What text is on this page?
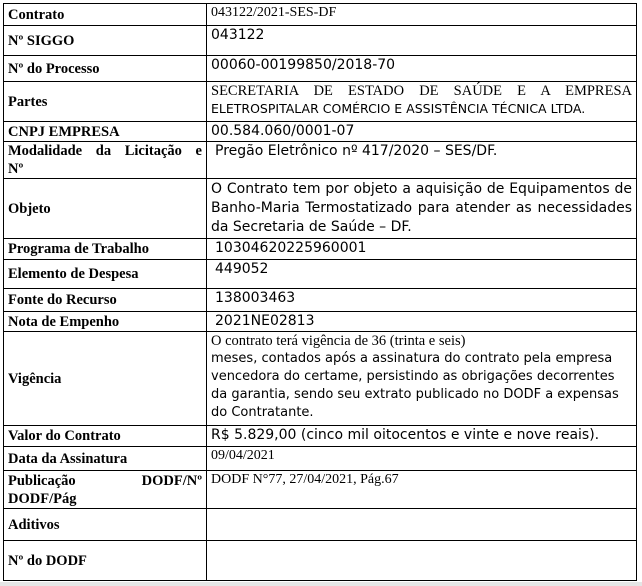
Contrato	043122/2021-SES-DF
Nº SIGGO	043122
Nº do Processo	00060-00199850/2018-70
Partes	SECRETARIA DE ESTADO DE SAÚDE E A EMPRESA
ELETROSPITALAR COMÉRCIO E ASSISTÊNCIA TÉCNICA LTDA.

CNPJ EMPRESA	00.584.060/0001-07

Modalidade da Licitação e
Nº	Pregão Eletrônico nº 417/2020 – SES/DF.
Objeto	O Contrato tem por objeto a aquisição de Equipamentos de Banho-Maria Termostatizado para atender as necessidades da Secretaria de Saúde – DF.
Programa de Trabalho	10304620225960001
Elemento de Despesa	449052
Fonte do Recurso	138003463
Nota de Empenho	2021NE02813
Vigência	O contrato terá vigência de 36 (trinta e seis)
meses, contados após a assinatura do contrato pela empresa vencedora do certame, persistindo as obrigações decorrentes da garantia, sendo seu extrato publicado no DODF a expensas do Contratante.

Valor do Contrato	R$ 5.829,00 (cinco mil oitocentos e vinte e nove reais).
Data da Assinatura	09/04/2021

Publicação DODF/Nº
DODF/Pág	DODF N°77, 27/04/2021, Pág.67
Aditivos	
Nº do DODF	
